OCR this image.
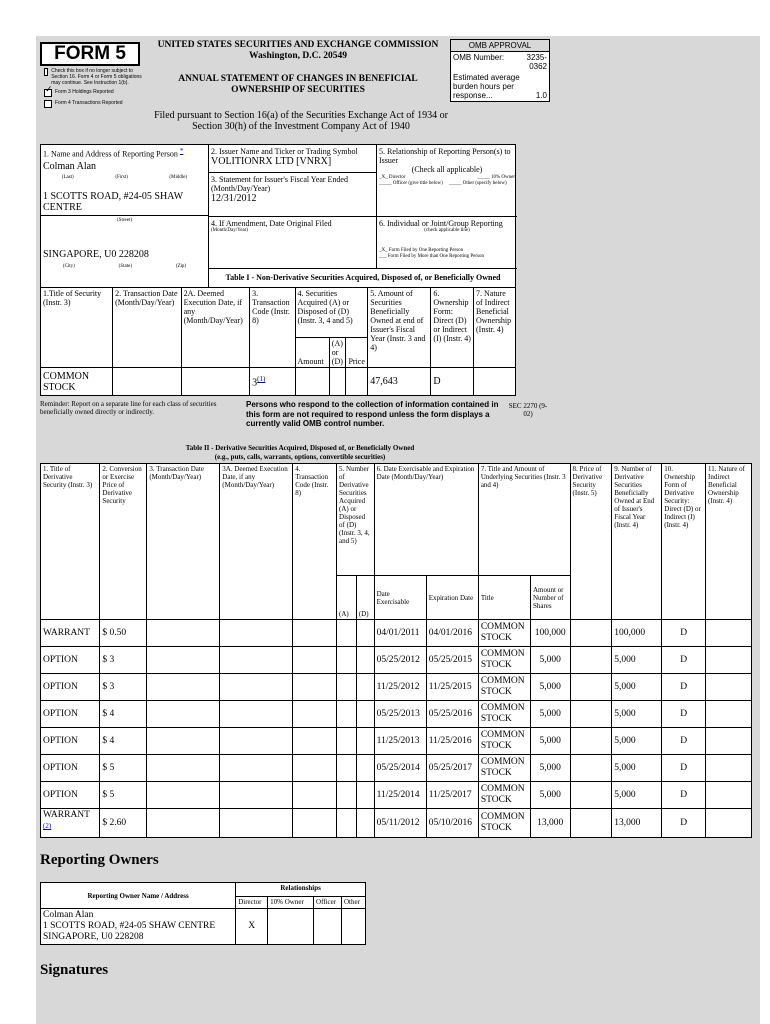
FORM 5
Check this box if no longer subject to Section 16. Form 4 or Form 5 obligations may continue. See Instruction 1(b).
✓
Form 3 Holdings Reported
Form 4 Transactions Reported
UNITED STATES SECURITIES AND EXCHANGE COMMISSION
Washington, D.C. 20549
ANNUAL STATEMENT OF CHANGES IN BENEFICIAL
OWNERSHIP OF SECURITIES
Filed pursuant to Section 16(a) of the Securities Exchange Act of 1934 or
Section 30(h) of the Investment Company Act of 1940
OMB APPROVAL
OMB Number:	3235-0362
Estimated average burden hours per response...	1.0
1. Name and Address of Reporting Person *
Colman Alan
(Last)	(First)	(Middle)
1 SCOTTS ROAD, #24-05 SHAW CENTRE
(Street)
SINGAPORE, U0 228208
(City)	(State)	(Zip)
2. Issuer Name and Ticker or Trading Symbol
VOLITIONRX LTD [VNRX]
3. Statement for Issuer's Fiscal Year Ended (Month/Day/Year)
12/31/2012
4. If Amendment, Date Original Filed
(Month/Day/Year)
5. Relationship of Reporting Person(s) to Issuer
(Check all applicable)
_X_ Director	_____ 10% Owner
_____ Officer (give title below)	_____ Other (specify below)
6. Individual or Joint/Group Reporting
(check applicable line)
_X_ Form Filed by One Reporting Person
___ Form Filed by More than One Reporting Person
Table I - Non-Derivative Securities Acquired, Disposed of, or Beneficially Owned
1.Title of Security (Instr. 3)	2. Transaction Date (Month/Day/Year)	2A. Deemed Execution Date, if any (Month/Day/Year)	3. Transaction Code (Instr. 8)	4. Securities Acquired (A) or Disposed of (D) (Instr. 3, 4 and 5)			5. Amount of Securities Beneficially Owned at end of Issuer's Fiscal Year (Instr. 3 and 4)	6. Ownership Form: Direct (D) or Indirect (I) (Instr. 4)	7. Nature of Indirect Beneficial Ownership (Instr. 4)
				Amount	(A) or (D)	Price			
COMMON STOCK			3$^{(1)}$				47,643	D	
Reminder: Report on a separate line for each class of securities beneficially owned directly or indirectly.
Persons who respond to the collection of information contained in this form are not required to respond unless the form displays a currently valid OMB control number.
SEC 2270 (9-02)
Table II - Derivative Securities Acquired, Disposed of, or Beneficially Owned
(e.g., puts, calls, warrants, options, convertible securities)
1. Title of Derivative Security (Instr. 3)	2. Conversion or Exercise Price of Derivative Security	3. Transaction Date (Month/Day/Year)	3A. Deemed Execution Date, if any (Month/Day/Year)	4. Transaction Code (Instr. 8)	5. Number of Derivative Securities Acquired (A) or Disposed of (D) (Instr. 3, 4, and 5)		6. Date Exercisable and Expiration Date (Month/Day/Year)		7. Title and Amount of Underlying Securities (Instr. 3 and 4)		8. Price of Derivative Security (Instr. 5)	9. Number of Derivative Securities Beneficially Owned at End of Issuer's Fiscal Year (Instr. 4)	10. Ownership Form of Derivative Security: Direct (D) or Indirect (I) (Instr. 4)	11. Nature of Indirect Beneficial Ownership (Instr. 4)
					(A)	(D)	Date Exercisable	Expiration Date	Title	Amount or Number of Shares				
WARRANT	$ 0.50						04/01/2011	04/01/2016	COMMON STOCK	100,000		100,000	D	
OPTION	$ 3						05/25/2012	05/25/2015	COMMON STOCK	5,000		5,000	D	
OPTION	$ 3						11/25/2012	11/25/2015	COMMON STOCK	5,000		5,000	D	
OPTION	$ 4						05/25/2013	05/25/2016	COMMON STOCK	5,000		5,000	D	
OPTION	$ 4						11/25/2013	11/25/2016	COMMON STOCK	5,000		5,000	D	
OPTION	$ 5						05/25/2014	05/25/2017	COMMON STOCK	5,000		5,000	D	
OPTION	$ 5						11/25/2014	11/25/2017	COMMON STOCK	5,000		5,000	D	
WARRANT
$^{(2)}$	$ 2.60						05/11/2012	05/10/2016	COMMON STOCK	13,000		13,000	D	
Reporting Owners
Reporting Owner Name / Address	Relationships			
	Director	10% Owner	Officer	Other

Colman Alan
1 SCOTTS ROAD, #24-05 SHAW CENTRE
SINGAPORE, U0 228208	X			
Signatures
